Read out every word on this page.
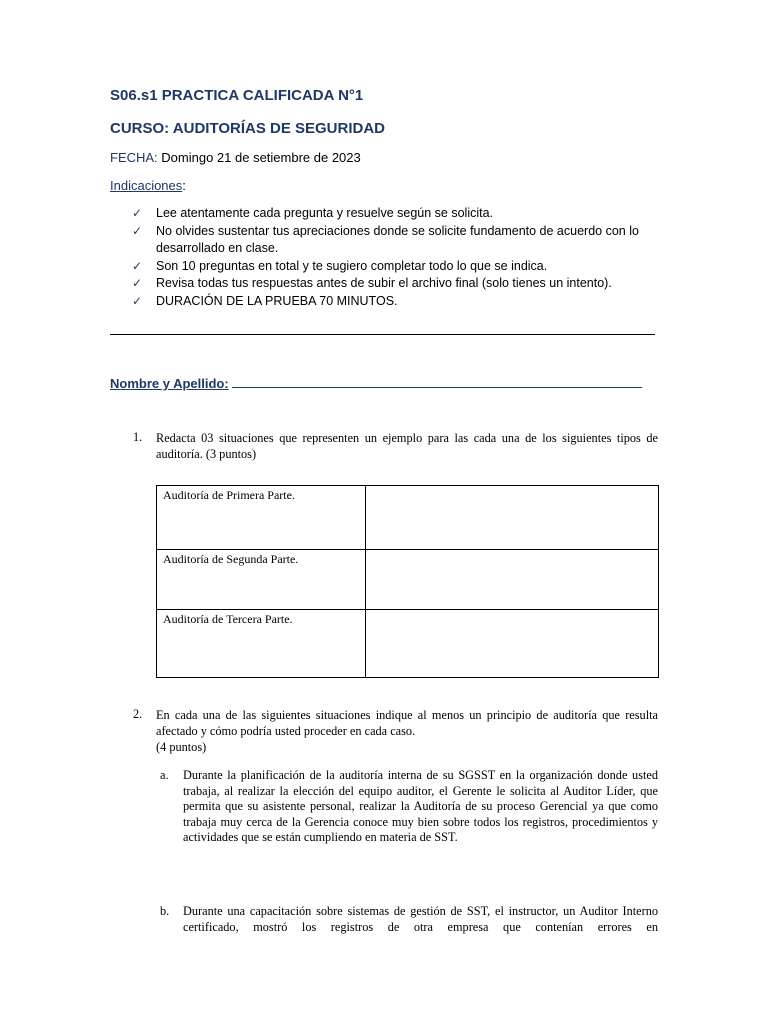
S06.s1 PRACTICA CALIFICADA N°1
CURSO: AUDITORÍAS DE SEGURIDAD
FECHA: Domingo 21 de setiembre de 2023
Indicaciones:
✓ Lee atentamente cada pregunta y resuelve según se solicita.
✓ No olvides sustentar tus apreciaciones donde se solicite fundamento de acuerdo con lo desarrollado en clase.
✓ Son 10 preguntas en total y te sugiero completar todo lo que se indica.
✓ Revisa todas tus respuestas antes de subir el archivo final (solo tienes un intento).
✓ DURACIÓN DE LA PRUEBA 70 MINUTOS.
Nombre y Apellido:
1. Redacta 03 situaciones que representen un ejemplo para las cada una de los siguientes tipos de auditoría. (3 puntos)
Auditoría de Primera Parte.	
Auditoría de Segunda Parte.	
Auditoría de Tercera Parte.	
2. En cada una de las siguientes situaciones indique al menos un principio de auditoría que resulta afectado y cómo podría usted proceder en cada caso.
(4 puntos)
a. Durante la planificación de la auditoría interna de su SGSST en la organización donde usted trabaja, al realizar la elección del equipo auditor, el Gerente le solicita al Auditor Líder, que permita que su asistente personal, realizar la Auditoría de su proceso Gerencial ya que como trabaja muy cerca de la Gerencia conoce muy bien sobre todos los registros, procedimientos y actividades que se están cumpliendo en materia de SST.
b. Durante una capacitación sobre sistemas de gestión de SST, el instructor, un Auditor Interno certificado, mostró los registros de otra empresa que contenían errores en
